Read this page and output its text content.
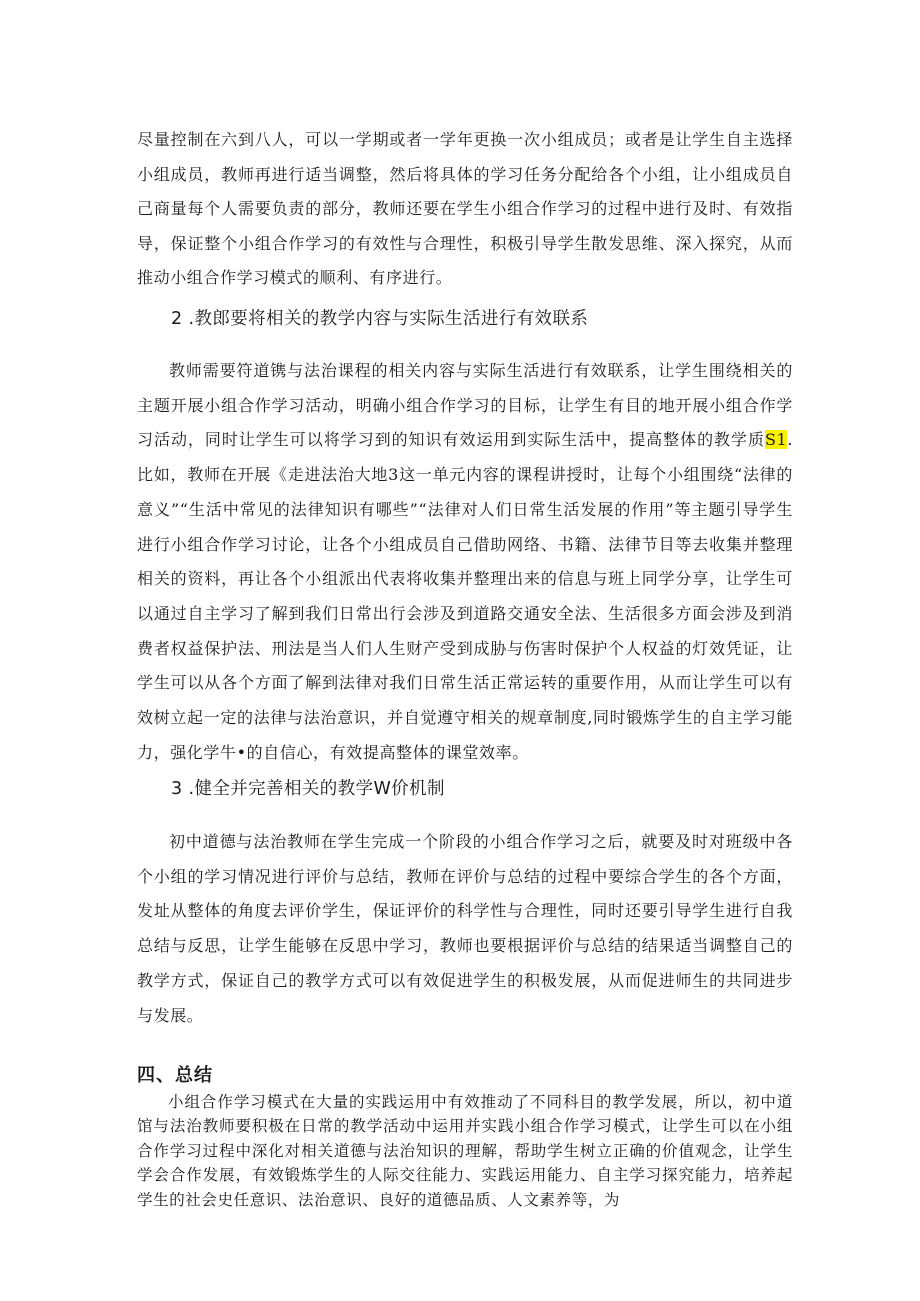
尽量控制在六到八人，可以一学期或者一学年更换一次小组成员；或者是让学生自主选择小组成员，教师再进行适当调整，然后将具体的学习任务分配给各个小组，让小组成员自己商量每个人需要负责的部分，教师还要在学生小组合作学习的过程中进行及时、有效指导，保证整个小组合作学习的有效性与合理性，积极引导学生散发思维、深入探究，从而推动小组合作学习模式的顺利、有序进行。

2 .教郎要将相关的教学内容与实际生活进行有效联系

教师需要符道镌与法治课程的相关内容与实际生活进行有效联系，让学生围绕相关的主题开展小组合作学习活动，明确小组合作学习的目标，让学生有目的地开展小组合作学习活动，同时让学生可以将学习到的知识有效运用到实际生活中，提高整体的教学质S1.比如，教师在开展《走进法治大地3这一单元内容的课程讲授时，让每个小组围绕“法律的意义”“生活中常见的法律知识有哪些”“法律对人们日常生活发展的作用”等主题引导学生进行小组合作学习讨论，让各个小组成员自己借助网络、书籍、法律节目等去收集并整理相关的资料，再让各个小组派出代表将收集并整理出来的信息与班上同学分享，让学生可以通过自主学习了解到我们日常出行会涉及到道路交通安全法、生活很多方面会涉及到消费者权益保护法、刑法是当人们人生财产受到成胁与伤害时保护个人权益的灯效凭证，让学生可以从各个方面了解到法律对我们日常生活正常运转的重要作用，从而让学生可以有效树立起一定的法律与法治意识，并自觉遵守相关的规章制度,同时锻炼学生的自主学习能力，强化学牛•的自信心，有效提高整体的课堂效率。

3 .健全并完善相关的教学W价机制

初中道德与法治教师在学生完成一个阶段的小组合作学习之后，就要及时对班级中各个小组的学习情况进行评价与总结，教师在评价与总结的过程中要综合学生的各个方面，发址从整体的角度去评价学生，保证评价的科学性与合理性，同时还要引导学生进行自我总结与反思，让学生能够在反思中学习，教师也要根据评价与总结的结果适当调整自己的教学方式，保证自己的教学方式可以有效促进学生的积极发展，从而促进师生的共同进步与发展。

四、总结

小组合作学习模式在大量的实践运用中有效推动了不同科目的教学发展，所以，初中道馆与法治教师要积极在日常的教学活动中运用并实践小组合作学习模式，让学生可以在小组合作学习过程中深化对相关道德与法治知识的理解，帮助学生树立正确的价值观念，让学生学会合作发展，有效锻炼学生的人际交往能力、实践运用能力、自主学习探究能力，培养起学生的社会史任意识、法治意识、良好的道德品质、人文素养等，为
